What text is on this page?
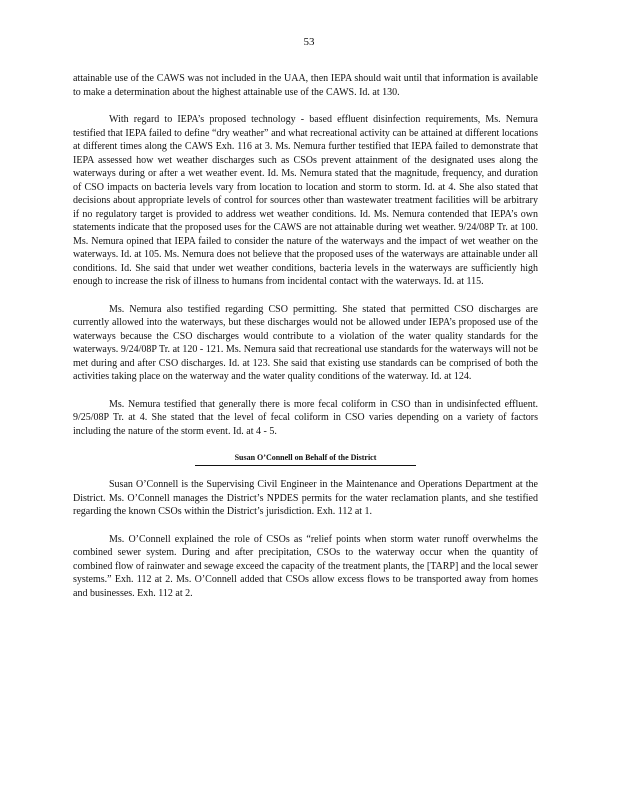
53

attainable use of the CAWS was not included in the UAA, then IEPA should wait until that information is available to make a determination about the highest attainable use of the CAWS. Id. at 130.

With regard to IEPA’s proposed technology - based effluent disinfection requirements, Ms. Nemura testified that IEPA failed to define “dry weather” and what recreational activity can be attained at different locations at different times along the CAWS Exh. 116 at 3. Ms. Nemura further testified that IEPA failed to demonstrate that IEPA assessed how wet weather discharges such as CSOs prevent attainment of the designated uses along the waterways during or after a wet weather event. Id. Ms. Nemura stated that the magnitude, frequency, and duration of CSO impacts on bacteria levels vary from location to location and storm to storm. Id. at 4. She also stated that decisions about appropriate levels of control for sources other than wastewater treatment facilities will be arbitrary if no regulatory target is provided to address wet weather conditions. Id. Ms. Nemura contended that IEPA’s own statements indicate that the proposed uses for the CAWS are not attainable during wet weather. 9/24/08P Tr. at 100. Ms. Nemura opined that IEPA failed to consider the nature of the waterways and the impact of wet weather on the waterways. Id. at 105. Ms. Nemura does not believe that the proposed uses of the waterways are attainable under all conditions. Id. She said that under wet weather conditions, bacteria levels in the waterways are sufficiently high enough to increase the risk of illness to humans from incidental contact with the waterways. Id. at 115.

Ms. Nemura also testified regarding CSO permitting. She stated that permitted CSO discharges are currently allowed into the waterways, but these discharges would not be allowed under IEPA’s proposed use of the waterways because the CSO discharges would contribute to a violation of the water quality standards for the waterways. 9/24/08P Tr. at 120 - 121. Ms. Nemura said that recreational use standards for the waterways will not be met during and after CSO discharges. Id. at 123. She said that existing use standards can be comprised of both the activities taking place on the waterway and the water quality conditions of the waterway. Id. at 124.

Ms. Nemura testified that generally there is more fecal coliform in CSO than in undisinfected effluent. 9/25/08P Tr. at 4. She stated that the level of fecal coliform in CSO varies depending on a variety of factors including the nature of the storm event. Id. at 4 - 5.

Susan O’Connell on Behalf of the District

Susan O’Connell is the Supervising Civil Engineer in the Maintenance and Operations Department at the District. Ms. O’Connell manages the District’s NPDES permits for the water reclamation plants, and she testified regarding the known CSOs within the District’s jurisdiction. Exh. 112 at 1.

Ms. O’Connell explained the role of CSOs as “relief points when storm water runoff overwhelms the combined sewer system. During and after precipitation, CSOs to the waterway occur when the quantity of combined flow of rainwater and sewage exceed the capacity of the treatment plants, the [TARP] and the local sewer systems.” Exh. 112 at 2. Ms. O’Connell added that CSOs allow excess flows to be transported away from homes and businesses. Exh. 112 at 2.
